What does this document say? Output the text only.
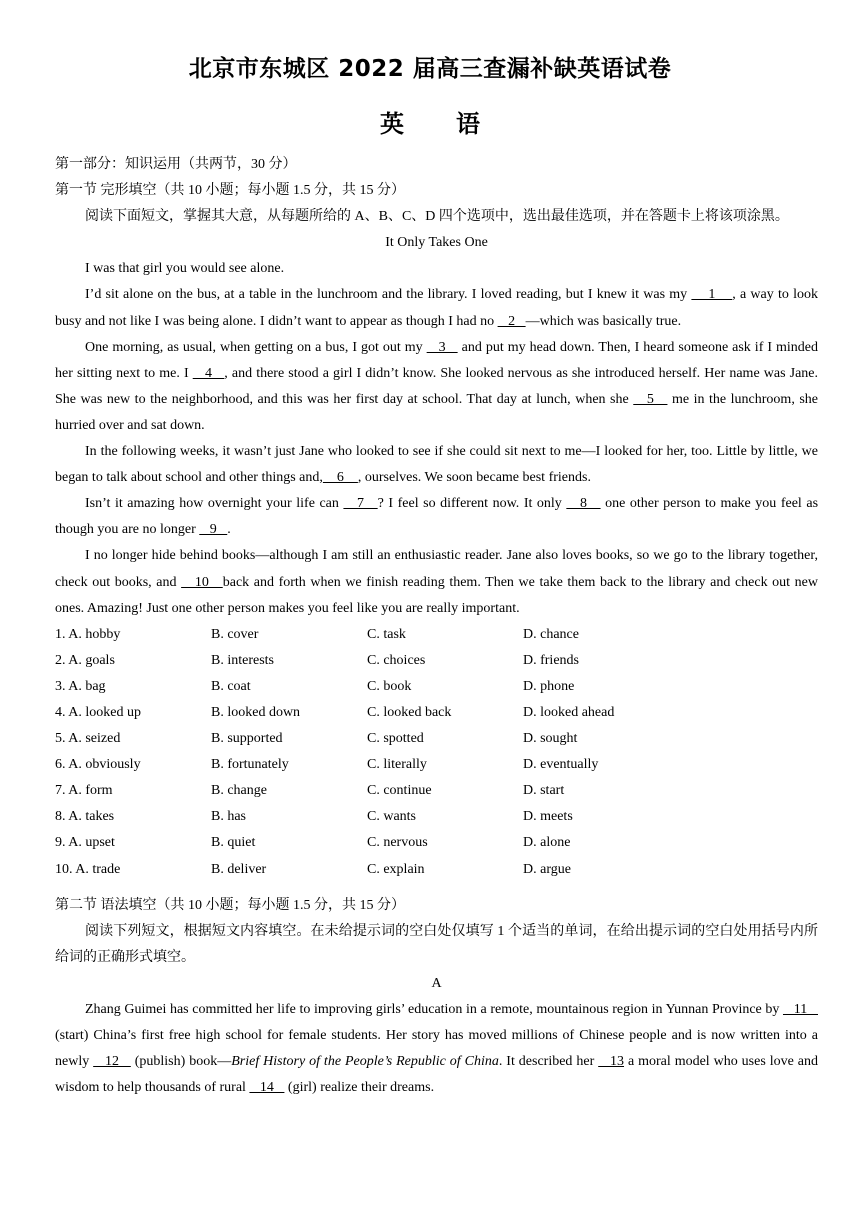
北京市东城区 2022 届高三查漏补缺英语试卷
英 语
第一部分：知识运用（共两节，30 分）
第一节 完形填空（共 10 小题；每小题 1.5 分，共 15 分）

阅读下面短文，掌握其大意，从每题所给的 A、B、C、D 四个选项中，选出最佳选项，并在答题卡上将该项涂黑。

It Only Takes One

I was that girl you would see alone.

I’d sit alone on the bus, at a table in the lunchroom and the library. I loved reading, but I knew it was my     1    , a way to look busy and not like I was being alone. I didn’t want to appear as though I had no    2   —which was basically true.

One morning, as usual, when getting on a bus, I got out my    3    and put my head down. Then, I heard someone ask if I minded her sitting next to me. I    4   , and there stood a girl I didn’t know. She looked nervous as she introduced herself. Her name was Jane. She was new to the neighborhood, and this was her first day at school. That day at lunch, when she    5    me in the lunchroom, she hurried over and sat down.

In the following weeks, it wasn’t just Jane who looked to see if she could sit next to me—I looked for her, too. Little by little, we began to talk about school and other things and,    6    , ourselves. We soon became best friends.

Isn’t it amazing how overnight your life can    7   ? I feel so different now. It only    8    one other person to make you feel as though you are no longer    9   .

I no longer hide behind books—although I am still an enthusiastic reader. Jane also loves books, so we go to the library together, check out books, and    10   back and forth when we finish reading them. Then we take them back to the library and check out new ones. Amazing! Just one other person makes you feel like you are really important.

1. A. hobby	B. cover	C. task	D. chance
2. A. goals	B. interests	C. choices	D. friends
3. A. bag	B. coat	C. book	D. phone
4. A. looked up	B. looked down	C. looked back	D. looked ahead
5. A. seized	B. supported	C. spotted	D. sought
6. A. obviously	B. fortunately	C. literally	D. eventually
7. A. form	B. change	C. continue	D. start
8. A. takes	B. has	C. wants	D. meets
9. A. upset	B. quiet	C. nervous	D. alone
10. A. trade	B. deliver	C. explain	D. argue
第二节 语法填空（共 10 小题；每小题 1.5 分，共 15 分）

阅读下列短文，根据短文内容填空。在未给提示词的空白处仅填写 1 个适当的单词，在给出提示词的空白处用括号内所给词的正确形式填空。

A

Zhang Guimei has committed her life to improving girls’ education in a remote, mountainous region in Yunnan Province by    11    (start) China’s first free high school for female students. Her story has moved millions of Chinese people and is now written into a newly    12    (publish) book—Brief History of the People’s Republic of China. It described her    13 a moral model who uses love and wisdom to help thousands of rural    14    (girl) realize their dreams.
